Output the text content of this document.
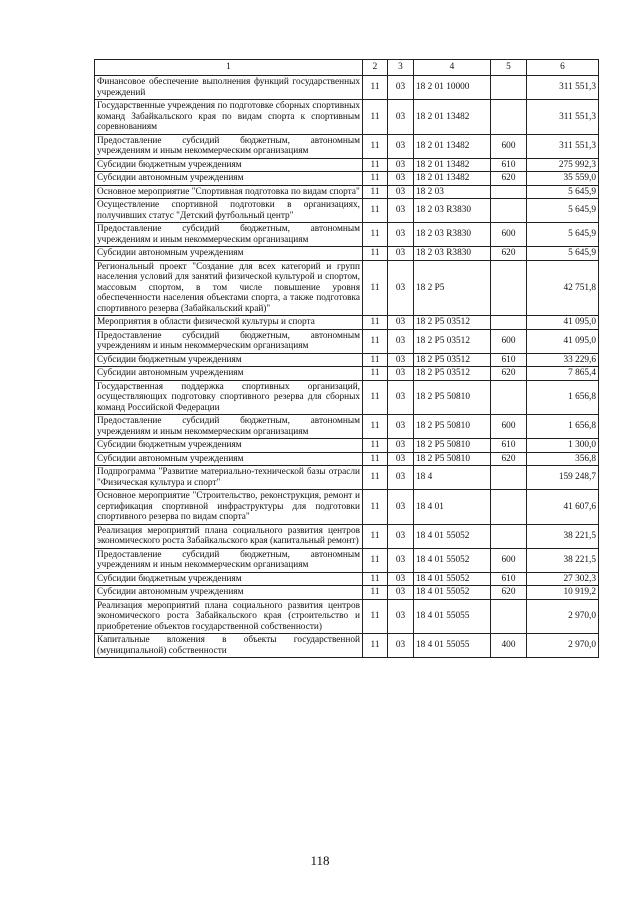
1	2	3	4	5	6
Финансовое обеспечение выполнения функций государственных учреждений	11	03	18 2 01 10000		311 551,3
Государственные учреждения по подготовке сборных спортивных команд Забайкальского края по видам спорта к спортивным соревнованиям	11	03	18 2 01 13482		311 551,3
Предоставление субсидий бюджетным, автономным учреждениям и иным некоммерческим организациям	11	03	18 2 01 13482	600	311 551,3
Субсидии бюджетным учреждениям	11	03	18 2 01 13482	610	275 992,3
Субсидии автономным учреждениям	11	03	18 2 01 13482	620	35 559,0
Основное мероприятие "Спортивная подготовка по видам спорта"	11	03	18 2 03		5 645,9
Осуществление спортивной подготовки в организациях, получивших статус "Детский футбольный центр"	11	03	18 2 03 R3830		5 645,9
Предоставление субсидий бюджетным, автономным учреждениям и иным некоммерческим организациям	11	03	18 2 03 R3830	600	5 645,9
Субсидии автономным учреждениям	11	03	18 2 03 R3830	620	5 645,9
Региональный проект "Создание для всех категорий и групп населения условий для занятий физической культурой и спортом, массовым спортом, в том числе повышение уровня обеспеченности населения объектами спорта, а также подготовка спортивного резерва (Забайкальский край)"	11	03	18 2 P5		42 751,8
Мероприятия в области физической культуры и спорта	11	03	18 2 P5 03512		41 095,0
Предоставление субсидий бюджетным, автономным учреждениям и иным некоммерческим организациям	11	03	18 2 P5 03512	600	41 095,0
Субсидии бюджетным учреждениям	11	03	18 2 P5 03512	610	33 229,6
Субсидии автономным учреждениям	11	03	18 2 P5 03512	620	7 865,4
Государственная поддержка спортивных организаций, осуществляющих подготовку спортивного резерва для сборных команд Российской Федерации	11	03	18 2 P5 50810		1 656,8
Предоставление субсидий бюджетным, автономным учреждениям и иным некоммерческим организациям	11	03	18 2 P5 50810	600	1 656,8
Субсидии бюджетным учреждениям	11	03	18 2 P5 50810	610	1 300,0
Субсидии автономным учреждениям	11	03	18 2 P5 50810	620	356,8
Подпрограмма "Развитие материально-технической базы отрасли "Физическая культура и спорт"	11	03	18 4		159 248,7
Основное мероприятие "Строительство, реконструкция, ремонт и сертификация спортивной инфраструктуры для подготовки спортивного резерва по видам спорта"	11	03	18 4 01		41 607,6
Реализация мероприятий плана социального развития центров экономического роста Забайкальского края (капитальный ремонт)	11	03	18 4 01 55052		38 221,5
Предоставление субсидий бюджетным, автономным учреждениям и иным некоммерческим организациям	11	03	18 4 01 55052	600	38 221,5
Субсидии бюджетным учреждениям	11	03	18 4 01 55052	610	27 302,3
Субсидии автономным учреждениям	11	03	18 4 01 55052	620	10 919,2
Реализация мероприятий плана социального развития центров экономического роста Забайкальского края (строительство и приобретение объектов государственной собственности)	11	03	18 4 01 55055		2 970,0
Капитальные вложения в объекты государственной (муниципальной) собственности	11	03	18 4 01 55055	400	2 970,0
118
